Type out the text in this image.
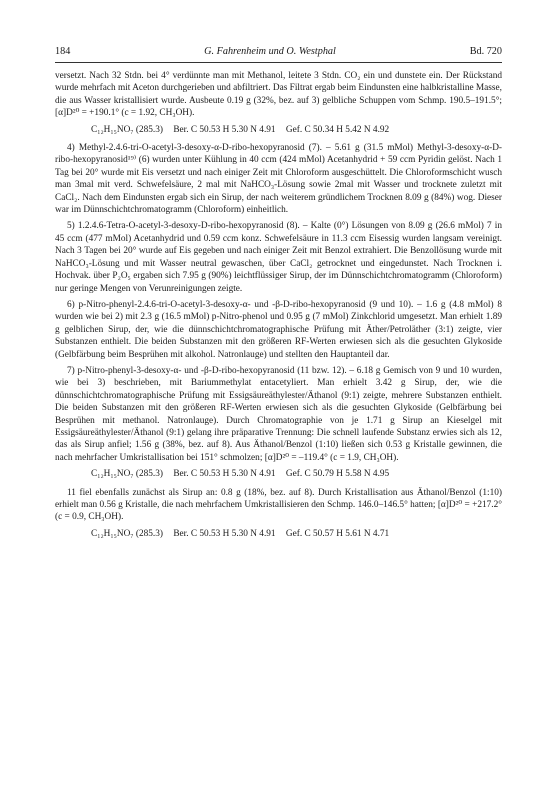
184	G. Fahrenheim und O. Westphal	Bd. 720

versetzt. Nach 32 Stdn. bei 4° verdünnte man mit Methanol, leitete 3 Stdn. CO₂ ein und dunstete ein. Der Rückstand wurde mehrfach mit Aceton durchgerieben und abfiltriert. Das Filtrat ergab beim Eindunsten eine halbkristalline Masse, die aus Wasser kristallisiert wurde. Ausbeute 0.19 g (32%, bez. auf 3) gelbliche Schuppen vom Schmp. 190.5–191.5°; [α]D²⁰ = +190.1° (c = 1.92, CH₃OH).

C₁₂H₁₅NO₇ (285.3) Ber. C 50.53 H 5.30 N 4.91 Gef. C 50.34 H 5.42 N 4.92

4) Methyl-2.4.6-tri-O-acetyl-3-desoxy-α-D-ribo-hexopyranosid (7). – 5.61 g (31.5 mMol) Methyl-3-desoxy-α-D-ribo-hexopyranosid¹⁹⁾ (6) wurden unter Kühlung in 40 ccm (424 mMol) Acetanhydrid + 59 ccm Pyridin gelöst. Nach 1 Tag bei 20° wurde mit Eis versetzt und nach einiger Zeit mit Chloroform ausgeschüttelt. Die Chloroformschicht wusch man 3mal mit verd. Schwefelsäure, 2 mal mit NaHCO₃-Lösung sowie 2mal mit Wasser und trocknete zuletzt mit CaCl₂. Nach dem Eindunsten ergab sich ein Sirup, der nach weiterem gründlichem Trocknen 8.09 g (84%) wog. Dieser war im Dünnschichtchromatogramm (Chloroform) einheitlich.

5) 1.2.4.6-Tetra-O-acetyl-3-desoxy-D-ribo-hexopyranosid (8). – Kalte (0°) Lösungen von 8.09 g (26.6 mMol) 7 in 45 ccm (477 mMol) Acetanhydrid und 0.59 ccm konz. Schwefelsäure in 11.3 ccm Eisessig wurden langsam vereinigt. Nach 3 Tagen bei 20° wurde auf Eis gegeben und nach einiger Zeit mit Benzol extrahiert. Die Benzollösung wurde mit NaHCO₃-Lösung und mit Wasser neutral gewaschen, über CaCl₂ getrocknet und eingedunstet. Nach Trocknen i. Hochvak. über P₂O₅ ergaben sich 7.95 g (90%) leichtflüssiger Sirup, der im Dünnschichtchromatogramm (Chloroform) nur geringe Mengen von Verunreinigungen zeigte.

6) p-Nitro-phenyl-2.4.6-tri-O-acetyl-3-desoxy-α- und -β-D-ribo-hexopyranosid (9 und 10). – 1.6 g (4.8 mMol) 8 wurden wie bei 2) mit 2.3 g (16.5 mMol) p-Nitro-phenol und 0.95 g (7 mMol) Zinkchlorid umgesetzt. Man erhielt 1.89 g gelblichen Sirup, der, wie die dünnschichtchromatographische Prüfung mit Äther/Petroläther (3:1) zeigte, vier Substanzen enthielt. Die beiden Substanzen mit den größeren RF-Werten erwiesen sich als die gesuchten Glykoside (Gelbfärbung beim Besprühen mit alkohol. Natronlauge) und stellten den Hauptanteil dar.

7) p-Nitro-phenyl-3-desoxy-α- und -β-D-ribo-hexopyranosid (11 bzw. 12). – 6.18 g Gemisch von 9 und 10 wurden, wie bei 3) beschrieben, mit Bariummethylat entacetyliert. Man erhielt 3.42 g Sirup, der, wie die dünnschichtchromatographische Prüfung mit Essigsäureäthylester/Äthanol (9:1) zeigte, mehrere Substanzen enthielt. Die beiden Substanzen mit den größeren RF-Werten erwiesen sich als die gesuchten Glykoside (Gelbfärbung bei Besprühen mit methanol. Natronlauge). Durch Chromatographie von je 1.71 g Sirup an Kieselgel mit Essigsäureäthylester/Äthanol (9:1) gelang ihre präparative Trennung: Die schnell laufende Substanz erwies sich als 12, das als Sirup anfiel; 1.56 g (38%, bez. auf 8). Aus Äthanol/Benzol (1:10) ließen sich 0.53 g Kristalle gewinnen, die nach mehrfacher Umkristallisation bei 151° schmolzen; [α]D²⁰ = –119.4° (c = 1.9, CH₃OH).

C₁₂H₁₅NO₇ (285.3) Ber. C 50.53 H 5.30 N 4.91 Gef. C 50.79 H 5.58 N 4.95

11 fiel ebenfalls zunächst als Sirup an: 0.8 g (18%, bez. auf 8). Durch Kristallisation aus Äthanol/Benzol (1:10) erhielt man 0.56 g Kristalle, die nach mehrfachem Umkristallisieren den Schmp. 146.0–146.5° hatten; [α]D²⁰ = +217.2° (c = 0.9, CH₃OH).

C₁₂H₁₅NO₇ (285.3) Ber. C 50.53 H 5.30 N 4.91 Gef. C 50.57 H 5.61 N 4.71
